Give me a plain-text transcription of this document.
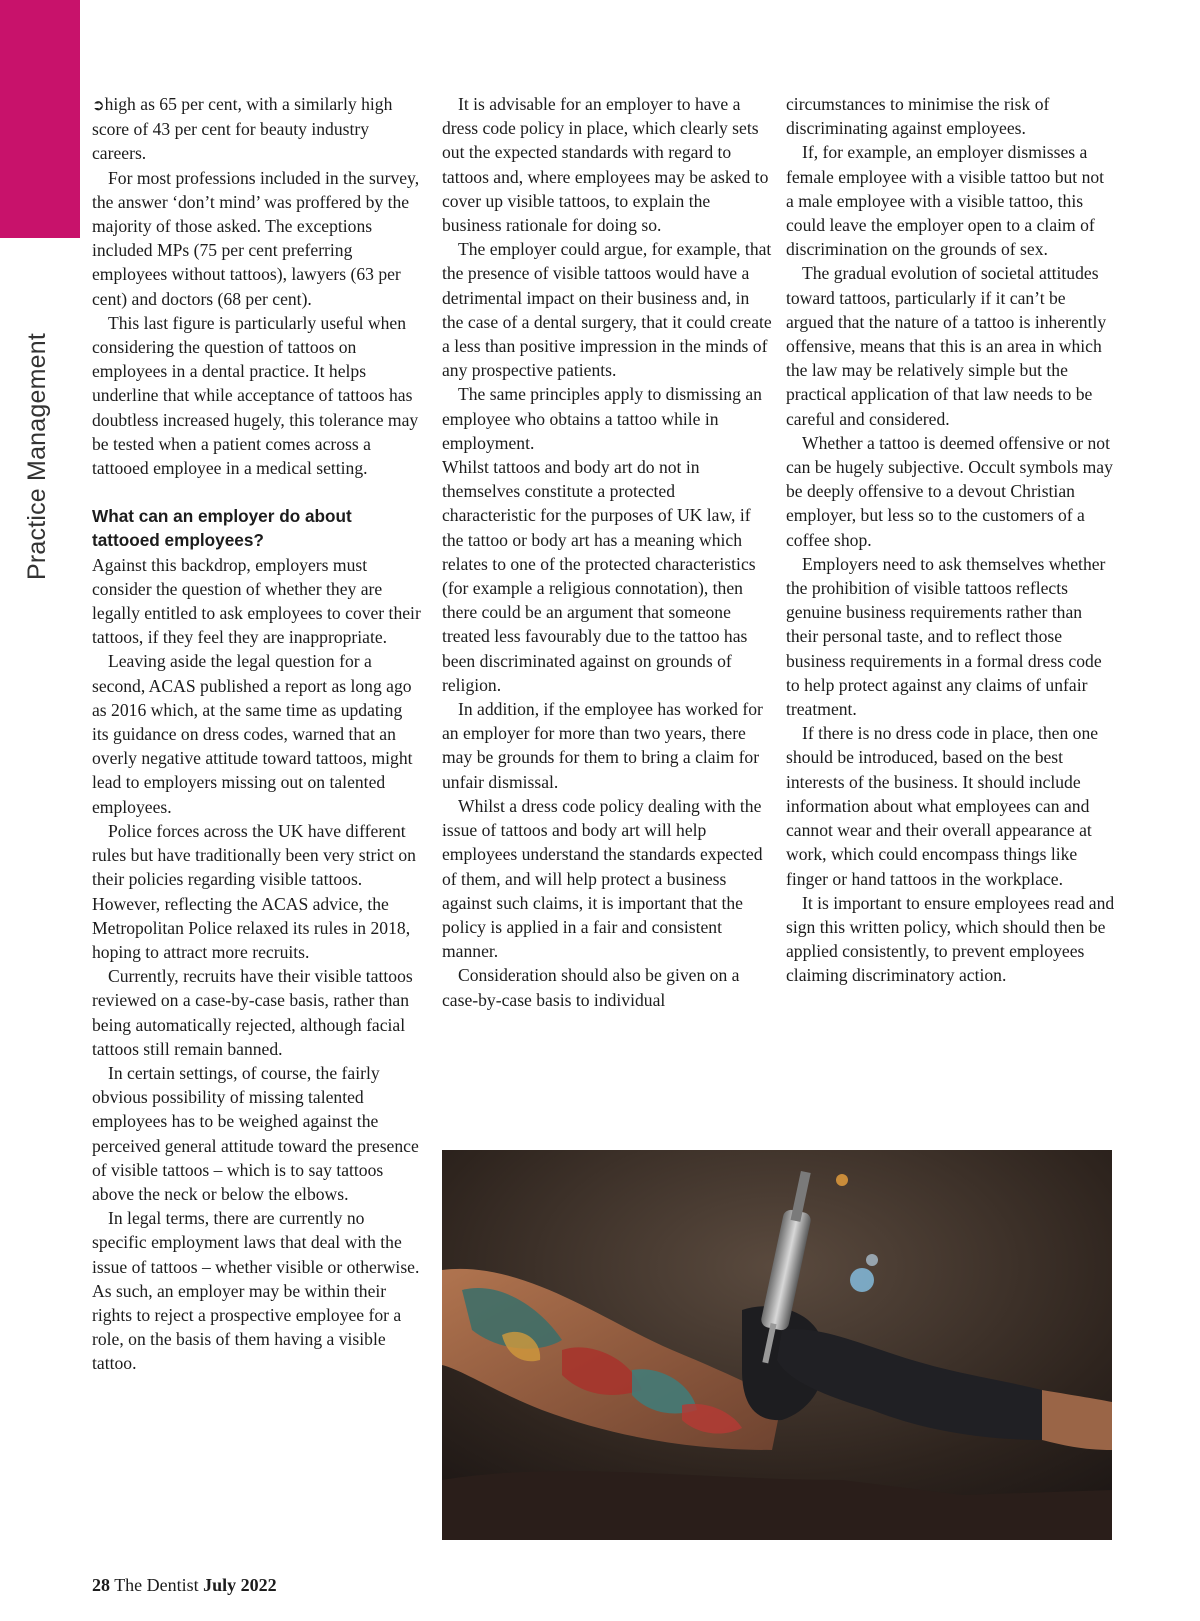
Practice Management

➲high as 65 per cent, with a similarly high score of 43 per cent for beauty industry careers.

For most professions included in the survey, the answer ‘don’t mind’ was proffered by the majority of those asked. The exceptions included MPs (75 per cent preferring employees without tattoos), lawyers (63 per cent) and doctors (68 per cent).

This last figure is particularly useful when considering the question of tattoos on employees in a dental practice. It helps underline that while acceptance of tattoos has doubtless increased hugely, this tolerance may be tested when a patient comes across a tattooed employee in a medical setting.

What can an employer do about tattooed employees?

Against this backdrop, employers must consider the question of whether they are legally entitled to ask employees to cover their tattoos, if they feel they are inappropriate.

Leaving aside the legal question for a second, ACAS published a report as long ago as 2016 which, at the same time as updating its guidance on dress codes, warned that an overly negative attitude toward tattoos, might lead to employers missing out on talented employees.

Police forces across the UK have different rules but have traditionally been very strict on their policies regarding visible tattoos. However, reflecting the ACAS advice, the Metropolitan Police relaxed its rules in 2018, hoping to attract more recruits.

Currently, recruits have their visible tattoos reviewed on a case-by-case basis, rather than being automatically rejected, although facial tattoos still remain banned.

In certain settings, of course, the fairly obvious possibility of missing talented employees has to be weighed against the perceived general attitude toward the presence of visible tattoos – which is to say tattoos above the neck or below the elbows.

In legal terms, there are currently no specific employment laws that deal with the issue of tattoos – whether visible or otherwise. As such, an employer may be within their rights to reject a prospective employee for a role, on the basis of them having a visible tattoo.

It is advisable for an employer to have a dress code policy in place, which clearly sets out the expected standards with regard to tattoos and, where employees may be asked to cover up visible tattoos, to explain the business rationale for doing so.

The employer could argue, for example, that the presence of visible tattoos would have a detrimental impact on their business and, in the case of a dental surgery, that it could create a less than positive impression in the minds of any prospective patients.

The same principles apply to dismissing an employee who obtains a tattoo while in employment.

Whilst tattoos and body art do not in themselves constitute a protected characteristic for the purposes of UK law, if the tattoo or body art has a meaning which relates to one of the protected characteristics (for example a religious connotation), then there could be an argument that someone treated less favourably due to the tattoo has been discriminated against on grounds of religion.

In addition, if the employee has worked for an employer for more than two years, there may be grounds for them to bring a claim for unfair dismissal.

Whilst a dress code policy dealing with the issue of tattoos and body art will help employees understand the standards expected of them, and will help protect a business against such claims, it is important that the policy is applied in a fair and consistent manner.

Consideration should also be given on a case-by-case basis to individual

circumstances to minimise the risk of discriminating against employees.

If, for example, an employer dismisses a female employee with a visible tattoo but not a male employee with a visible tattoo, this could leave the employer open to a claim of discrimination on the grounds of sex.

The gradual evolution of societal attitudes toward tattoos, particularly if it can’t be argued that the nature of a tattoo is inherently offensive, means that this is an area in which the law may be relatively simple but the practical application of that law needs to be careful and considered.

Whether a tattoo is deemed offensive or not can be hugely subjective. Occult symbols may be deeply offensive to a devout Christian employer, but less so to the customers of a coffee shop.

Employers need to ask themselves whether the prohibition of visible tattoos reflects genuine business requirements rather than their personal taste, and to reflect those business requirements in a formal dress code to help protect against any claims of unfair treatment.

If there is no dress code in place, then one should be introduced, based on the best interests of the business. It should include information about what employees can and cannot wear and their overall appearance at work, which could encompass things like finger or hand tattoos in the workplace.

It is important to ensure employees read and sign this written policy, which should then be applied consistently, to prevent employees claiming discriminatory action.

28 The Dentist July 2022
